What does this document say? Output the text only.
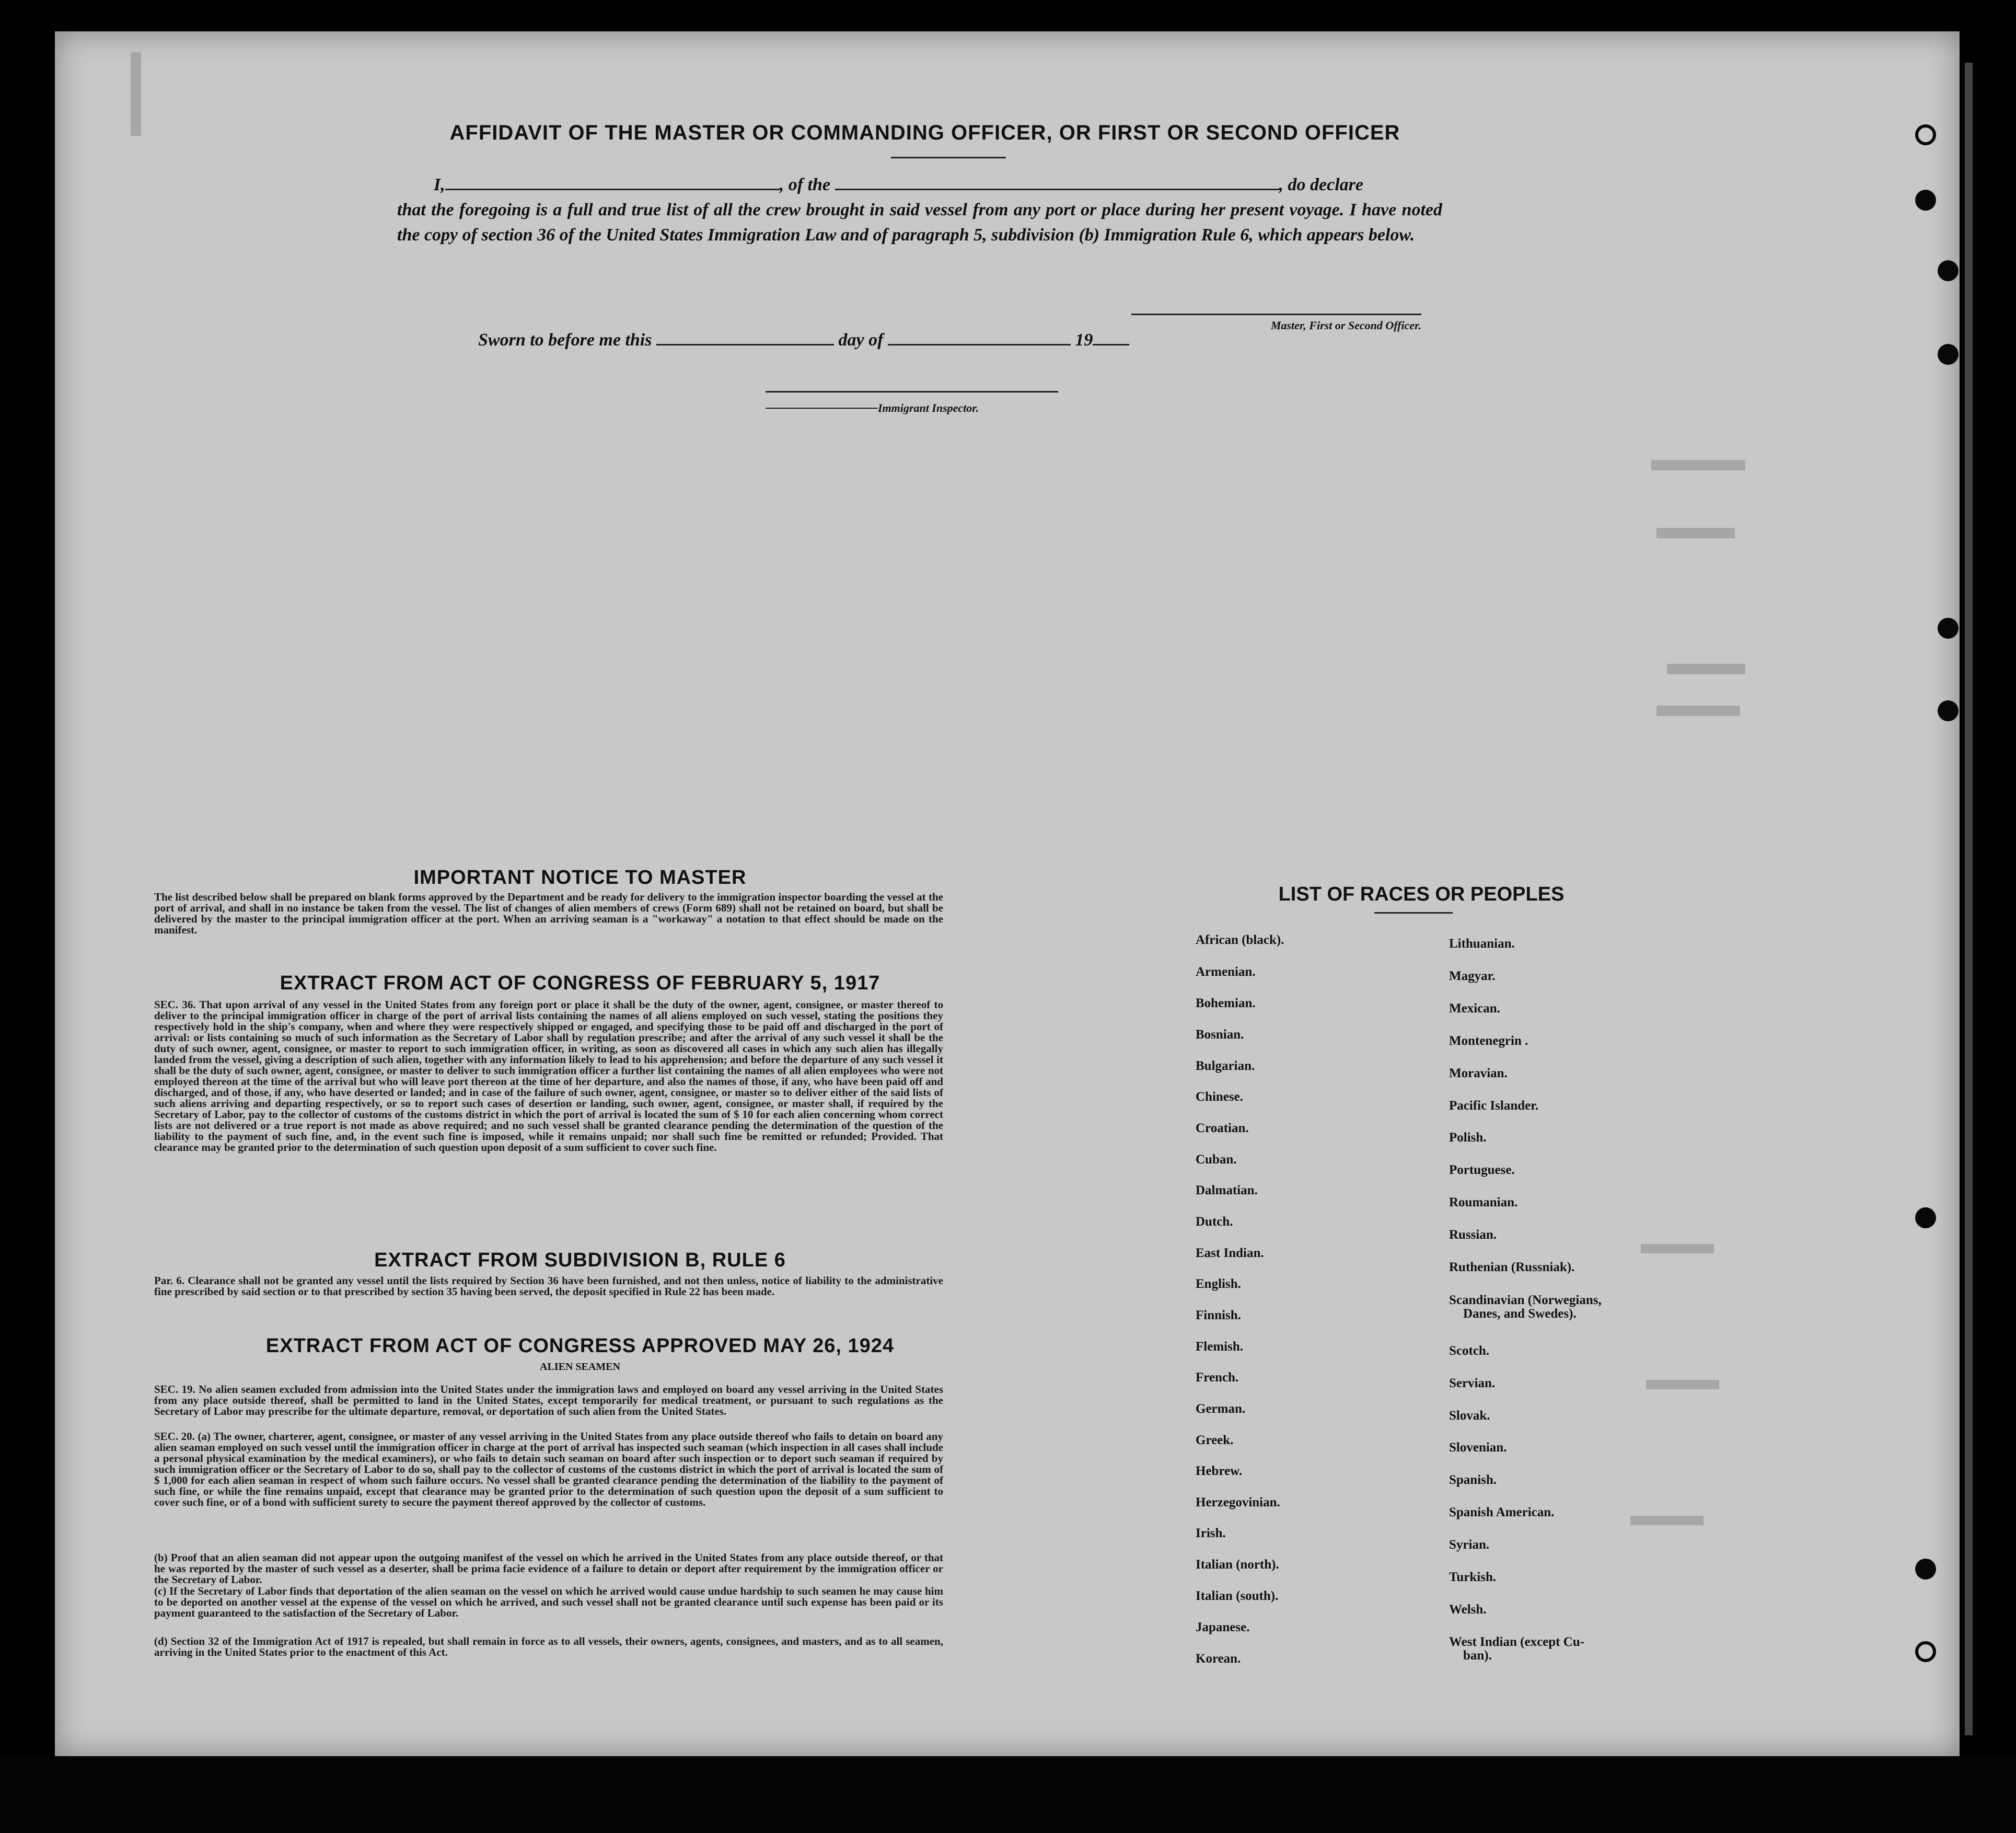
AFFIDAVIT OF THE MASTER OR COMMANDING OFFICER, OR FIRST OR SECOND OFFICER
I,	, of the	, do declare
that the foregoing is a full and true list of all the crew brought in said vessel from any port or place during her present voyage. I have noted the copy of section 36 of the United States Immigration Law and of paragraph 5, subdivision (b) Immigration Rule 6, which appears below.
Master, First or Second Officer.
Sworn to before me this	day of	19
Immigrant Inspector.
IMPORTANT NOTICE TO MASTER
The list described below shall be prepared on blank forms approved by the Department and be ready for delivery to the immigration inspector boarding the vessel at the port of arrival, and shall in no instance be taken from the vessel. The list of changes of alien members of crews (Form 689) shall not be retained on board, but shall be delivered by the master to the principal immigration officer at the port. When an arriving seaman is a "workaway" a notation to that effect should be made on the manifest.
EXTRACT FROM ACT OF CONGRESS OF FEBRUARY 5, 1917
SEC. 36. That upon arrival of any vessel in the United States from any foreign port or place it shall be the duty of the owner, agent, consignee, or master thereof to deliver to the principal immigration officer in charge of the port of arrival lists containing the names of all aliens employed on such vessel, stating the positions they respectively hold in the ship's company, when and where they were respectively shipped or engaged, and specifying those to be paid off and discharged in the port of arrival: or lists containing so much of such information as the Secretary of Labor shall by regulation prescribe; and after the arrival of any such vessel it shall be the duty of such owner, agent, consignee, or master to report to such immigration officer, in writing, as soon as discovered all cases in which any such alien has illegally landed from the vessel, giving a description of such alien, together with any information likely to lead to his apprehension; and before the departure of any such vessel it shall be the duty of such owner, agent, consignee, or master to deliver to such immigration officer a further list containing the names of all alien employees who were not employed thereon at the time of the arrival but who will leave port thereon at the time of her departure, and also the names of those, if any, who have been paid off and discharged, and of those, if any, who have deserted or landed; and in case of the failure of such owner, agent, consignee, or master so to deliver either of the said lists of such aliens arriving and departing respectively, or so to report such cases of desertion or landing, such owner, agent, consignee, or master shall, if required by the Secretary of Labor, pay to the collector of customs of the customs district in which the port of arrival is located the sum of $ 10 for each alien concerning whom correct lists are not delivered or a true report is not made as above required; and no such vessel shall be granted clearance pending the determination of the question of the liability to the payment of such fine, and, in the event such fine is imposed, while it remains unpaid; nor shall such fine be remitted or refunded; Provided. That clearance may be granted prior to the determination of such question upon deposit of a sum sufficient to cover such fine.
EXTRACT FROM SUBDIVISION B, RULE 6
Par. 6. Clearance shall not be granted any vessel until the lists required by Section 36 have been furnished, and not then unless, notice of liability to the administrative fine prescribed by said section or to that prescribed by section 35 having been served, the deposit specified in Rule 22 has been made.
EXTRACT FROM ACT OF CONGRESS APPROVED MAY 26, 1924
ALIEN SEAMEN
SEC. 19. No alien seamen excluded from admission into the United States under the immigration laws and employed on board any vessel arriving in the United States from any place outside thereof, shall be permitted to land in the United States, except temporarily for medical treatment, or pursuant to such regulations as the Secretary of Labor may prescribe for the ultimate departure, removal, or deportation of such alien from the United States.
SEC. 20. (a) The owner, charterer, agent, consignee, or master of any vessel arriving in the United States from any place outside thereof who fails to detain on board any alien seaman employed on such vessel until the immigration officer in charge at the port of arrival has inspected such seaman (which inspection in all cases shall include a personal physical examination by the medical examiners), or who fails to detain such seaman on board after such inspection or to deport such seaman if required by such immigration officer or the Secretary of Labor to do so, shall pay to the collector of customs of the customs district in which the port of arrival is located the sum of $ 1,000 for each alien seaman in respect of whom such failure occurs. No vessel shall be granted clearance pending the determination of the liability to the payment of such fine, or while the fine remains unpaid, except that clearance may be granted prior to the determination of such question upon the deposit of a sum sufficient to cover such fine, or of a bond with sufficient surety to secure the payment thereof approved by the collector of customs.
(b) Proof that an alien seaman did not appear upon the outgoing manifest of the vessel on which he arrived in the United States from any place outside thereof, or that he was reported by the master of such vessel as a deserter, shall be prima facie evidence of a failure to detain or deport after requirement by the immigration officer or the Secretary of Labor.
(c) If the Secretary of Labor finds that deportation of the alien seaman on the vessel on which he arrived would cause undue hardship to such seamen he may cause him to be deported on another vessel at the expense of the vessel on which he arrived, and such vessel shall not be granted clearance until such expense has been paid or its payment guaranteed to the satisfaction of the Secretary of Labor.
(d) Section 32 of the Immigration Act of 1917 is repealed, but shall remain in force as to all vessels, their owners, agents, consignees, and masters, and as to all seamen, arriving in the United States prior to the enactment of this Act.
LIST OF RACES OR PEOPLES
African (black).
Armenian.
Bohemian.
Bosnian.
Bulgarian.
Chinese.
Croatian.
Cuban.
Dalmatian.
Dutch.
East Indian.
English.
Finnish.
Flemish.
French.
German.
Greek.
Hebrew.
Herzegovinian.
Irish.
Italian (north).
Italian (south).
Japanese.
Korean.
Lithuanian.
Magyar.
Mexican.
Montenegrin .
Moravian.
Pacific Islander.
Polish.
Portuguese.
Roumanian.
Russian.
Ruthenian (Russniak).
Scandinavian (Norwegians,
Danes, and Swedes).
Scotch.
Servian.
Slovak.
Slovenian.
Spanish.
Spanish American.
Syrian.
Turkish.
Welsh.
West Indian (except Cu-
ban).
